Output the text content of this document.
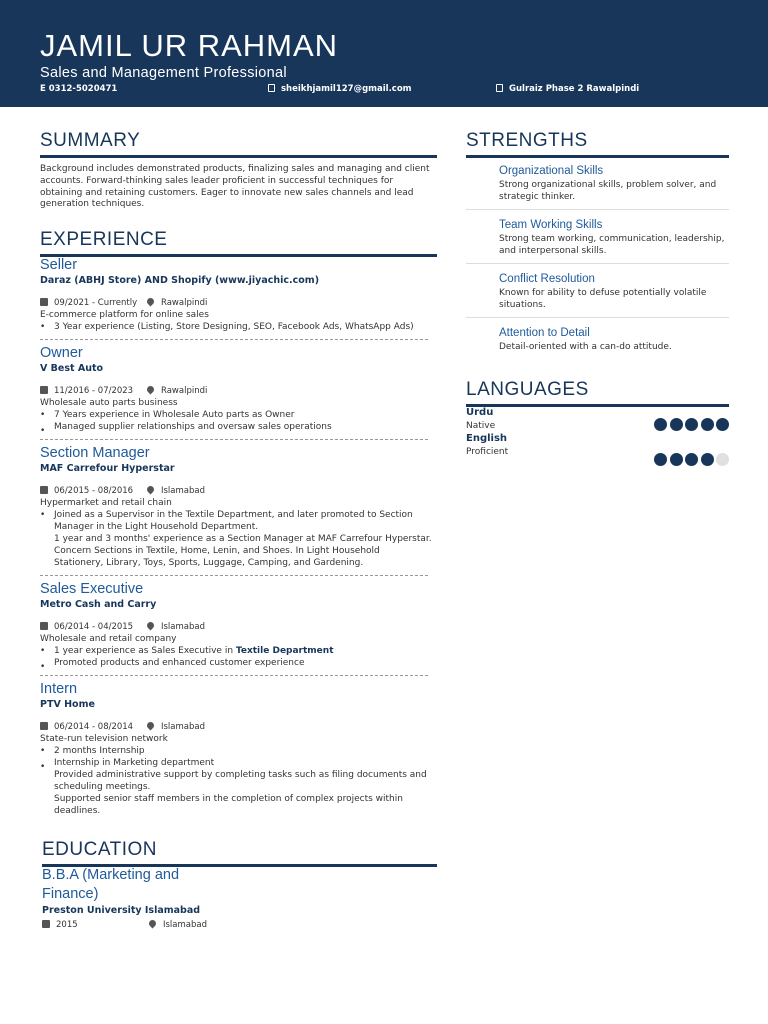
JAMIL UR RAHMAN
Sales and Management Professional
E 0312-5020471	sheikhjamil127@gmail.com	Gulraiz Phase 2 Rawalpindi
SUMMARY
Background includes demonstrated products, finalizing sales and managing and client accounts. Forward-thinking sales leader proficient in successful techniques for obtaining and retaining customers. Eager to innovate new sales channels and lead generation techniques.
EXPERIENCE
Seller
Daraz (ABHJ Store) AND Shopify (www.jiyachic.com)
09/2021 - Currently	Rawalpindi
E-commerce platform for online sales
• 3 Year experience (Listing, Store Designing, SEO, Facebook Ads, WhatsApp Ads)
Owner
V Best Auto
11/2016 - 07/2023	Rawalpindi
Wholesale auto parts business
• 7 Years experience in Wholesale Auto parts as Owner
• Managed supplier relationships and oversaw sales operations
Section Manager
MAF Carrefour Hyperstar
06/2015 - 08/2016	Islamabad
Hypermarket and retail chain
• Joined as a Supervisor in the Textile Department, and later promoted to Section Manager in the Light Household Department.
1 year and 3 months' experience as a Section Manager at MAF Carrefour Hyperstar.
Concern Sections in Textile, Home, Lenin, and Shoes. In Light Household Stationery, Library, Toys, Sports, Luggage, Camping, and Gardening.
Sales Executive
Metro Cash and Carry
06/2014 - 04/2015	Islamabad
Wholesale and retail company
• 1 year experience as Sales Executive in Textile Department
• Promoted products and enhanced customer experience
Intern
PTV Home
06/2014 - 08/2014	Islamabad
State-run television network
• 2 months Internship
• Internship in Marketing department
Provided administrative support by completing tasks such as filing documents and scheduling meetings.
Supported senior staff members in the completion of complex projects within deadlines.
EDUCATION
B.B.A (Marketing and Finance)
Preston University Islamabad
2015	Islamabad
STRENGTHS
Organizational Skills
Strong organizational skills, problem solver, and strategic thinker.
Team Working Skills
Strong team working, communication, leadership, and interpersonal skills.
Conflict Resolution
Known for ability to defuse potentially volatile situations.
Attention to Detail
Detail-oriented with a can-do attitude.
LANGUAGES
Urdu
Native
English
Proficient
